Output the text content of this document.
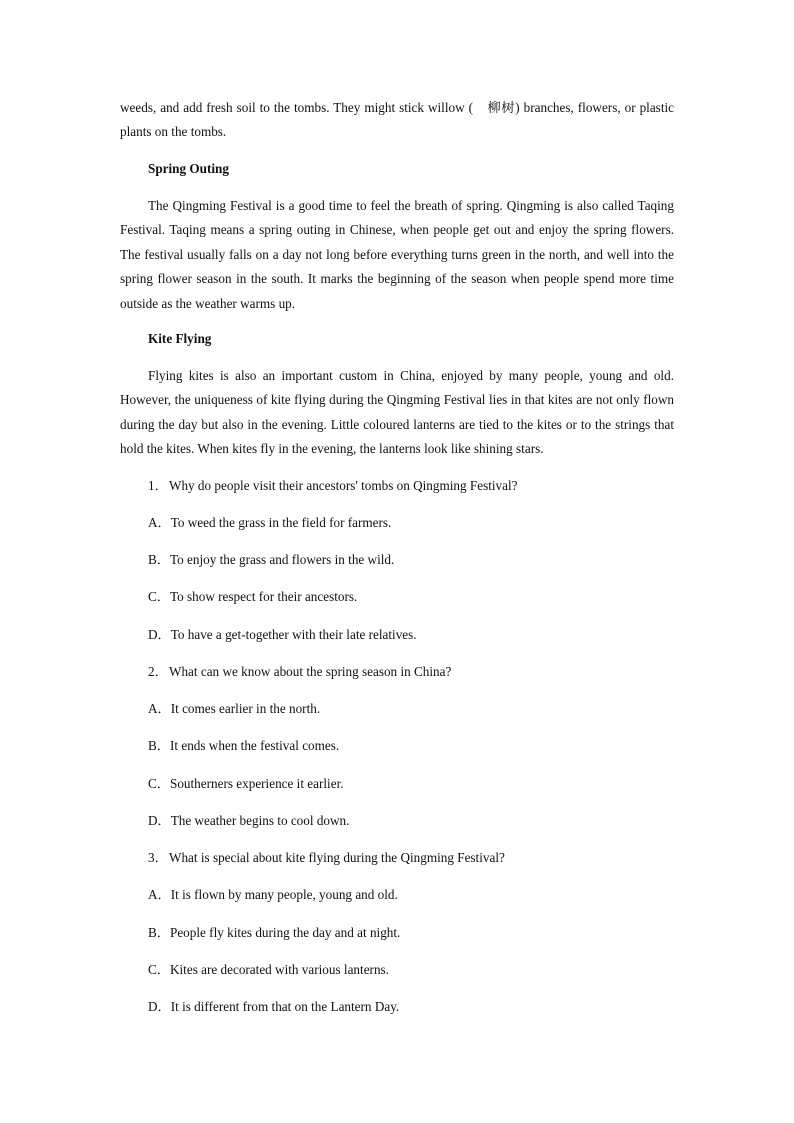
weeds, and add fresh soil to the tombs. They might stick willow (　柳树) branches, flowers, or plastic plants on the tombs.

Spring Outing

The Qingming Festival is a good time to feel the breath of spring. Qingming is also called Taqing Festival. Taqing means a spring outing in Chinese, when people get out and enjoy the spring flowers. The festival usually falls on a day not long before everything turns green in the north, and well into the spring flower season in the south. It marks the beginning of the season when people spend more time outside as the weather warms up.

Kite Flying

Flying kites is also an important custom in China, enjoyed by many people, young and old. However, the uniqueness of kite flying during the Qingming Festival lies in that kites are not only flown during the day but also in the evening. Little coloured lanterns are tied to the kites or to the strings that hold the kites. When kites fly in the evening, the lanterns look like shining stars.

1．Why do people visit their ancestors' tombs on Qingming Festival?

A．To weed the grass in the field for farmers.

B．To enjoy the grass and flowers in the wild.

C．To show respect for their ancestors.

D．To have a get-together with their late relatives.

2．What can we know about the spring season in China?

A．It comes earlier in the north.

B．It ends when the festival comes.

C．Southerners experience it earlier.

D．The weather begins to cool down.

3．What is special about kite flying during the Qingming Festival?

A．It is flown by many people, young and old.

B．People fly kites during the day and at night.

C．Kites are decorated with various lanterns.

D．It is different from that on the Lantern Day.
